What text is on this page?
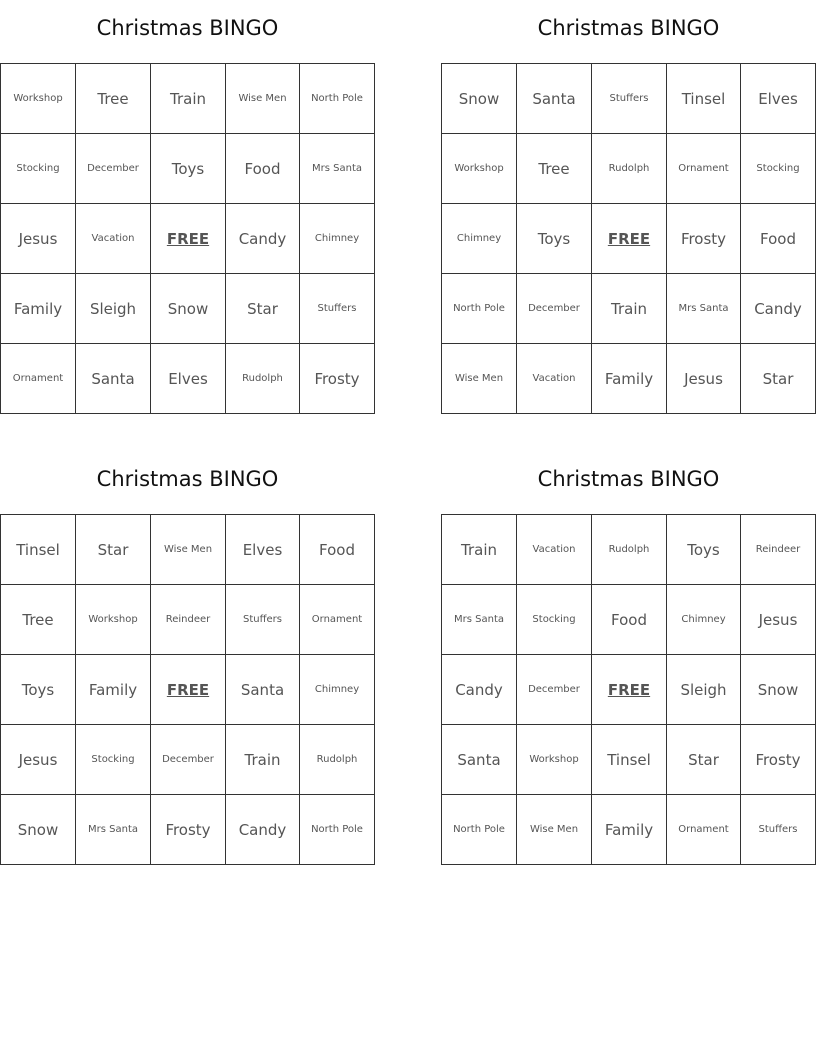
Christmas BINGO
Workshop	Tree	Train	Wise Men	North Pole
Stocking	December	Toys	Food	Mrs Santa
Jesus	Vacation	FREE	Candy	Chimney
Family	Sleigh	Snow	Star	Stuffers
Ornament	Santa	Elves	Rudolph	Frosty
Christmas BINGO
Snow	Santa	Stuffers	Tinsel	Elves
Workshop	Tree	Rudolph	Ornament	Stocking
Chimney	Toys	FREE	Frosty	Food
North Pole	December	Train	Mrs Santa	Candy
Wise Men	Vacation	Family	Jesus	Star
Christmas BINGO
Tinsel	Star	Wise Men	Elves	Food
Tree	Workshop	Reindeer	Stuffers	Ornament
Toys	Family	FREE	Santa	Chimney
Jesus	Stocking	December	Train	Rudolph
Snow	Mrs Santa	Frosty	Candy	North Pole
Christmas BINGO
Train	Vacation	Rudolph	Toys	Reindeer
Mrs Santa	Stocking	Food	Chimney	Jesus
Candy	December	FREE	Sleigh	Snow
Santa	Workshop	Tinsel	Star	Frosty
North Pole	Wise Men	Family	Ornament	Stuffers
